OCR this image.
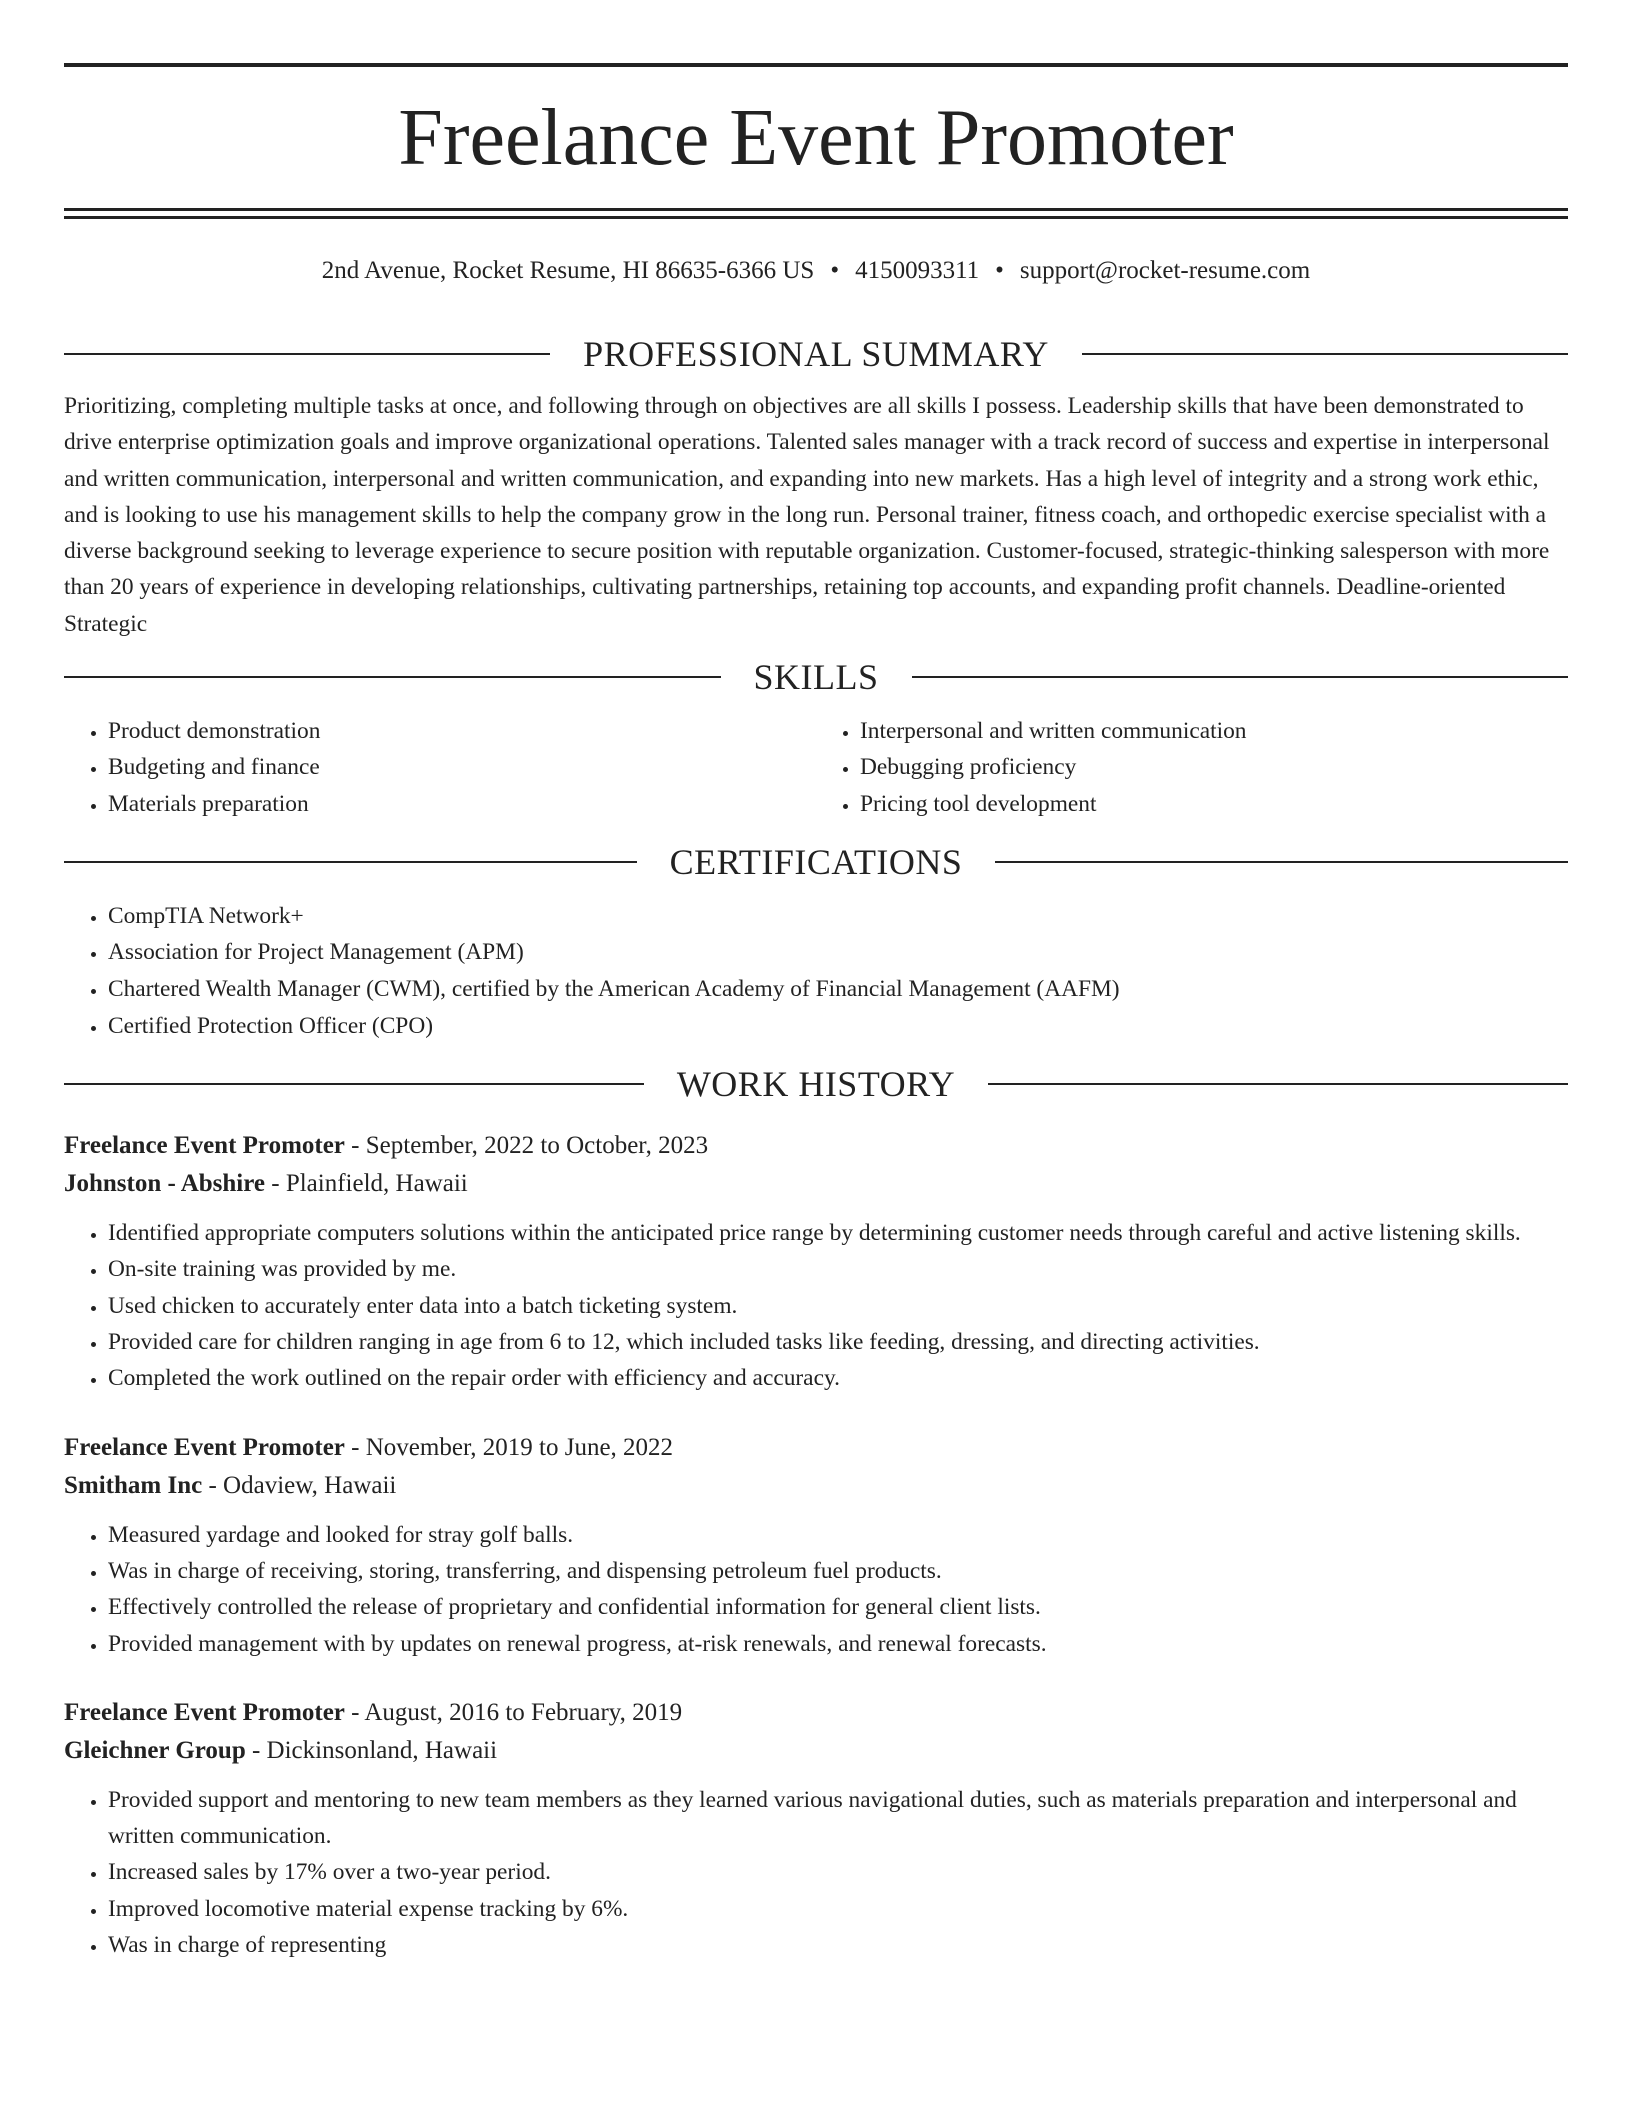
Freelance Event Promoter
2nd Avenue, Rocket Resume, HI 86635-6366 US • 4150093311 • support@rocket-resume.com
PROFESSIONAL SUMMARY

Prioritizing, completing multiple tasks at once, and following through on objectives are all skills I possess. Leadership skills that have been demonstrated to drive enterprise optimization goals and improve organizational operations. Talented sales manager with a track record of success and expertise in interpersonal and written communication, interpersonal and written communication, and expanding into new markets. Has a high level of integrity and a strong work ethic, and is looking to use his management skills to help the company grow in the long run. Personal trainer, fitness coach, and orthopedic exercise specialist with a diverse background seeking to leverage experience to secure position with reputable organization. Customer-focused, strategic-thinking salesperson with more than 20 years of experience in developing relationships, cultivating partnerships, retaining top accounts, and expanding profit channels. Deadline-oriented Strategic

SKILLS
• Product demonstration
• Budgeting and finance
• Materials preparation
• Interpersonal and written communication
• Debugging proficiency
• Pricing tool development
CERTIFICATIONS
• CompTIA Network+
• Association for Project Management (APM)
• Chartered Wealth Manager (CWM), certified by the American Academy of Financial Management (AAFM)
• Certified Protection Officer (CPO)
WORK HISTORY
Freelance Event Promoter - September, 2022 to October, 2023
Johnston - Abshire - Plainfield, Hawaii
• Identified appropriate computers solutions within the anticipated price range by determining customer needs through careful and active listening skills.
• On-site training was provided by me.
• Used chicken to accurately enter data into a batch ticketing system.
• Provided care for children ranging in age from 6 to 12, which included tasks like feeding, dressing, and directing activities.
• Completed the work outlined on the repair order with efficiency and accuracy.
Freelance Event Promoter - November, 2019 to June, 2022
Smitham Inc - Odaview, Hawaii
• Measured yardage and looked for stray golf balls.
• Was in charge of receiving, storing, transferring, and dispensing petroleum fuel products.
• Effectively controlled the release of proprietary and confidential information for general client lists.
• Provided management with by updates on renewal progress, at-risk renewals, and renewal forecasts.
Freelance Event Promoter - August, 2016 to February, 2019
Gleichner Group - Dickinsonland, Hawaii
• Provided support and mentoring to new team members as they learned various navigational duties, such as materials preparation and interpersonal and written communication.
• Increased sales by 17% over a two-year period.
• Improved locomotive material expense tracking by 6%.
• Was in charge of representing
